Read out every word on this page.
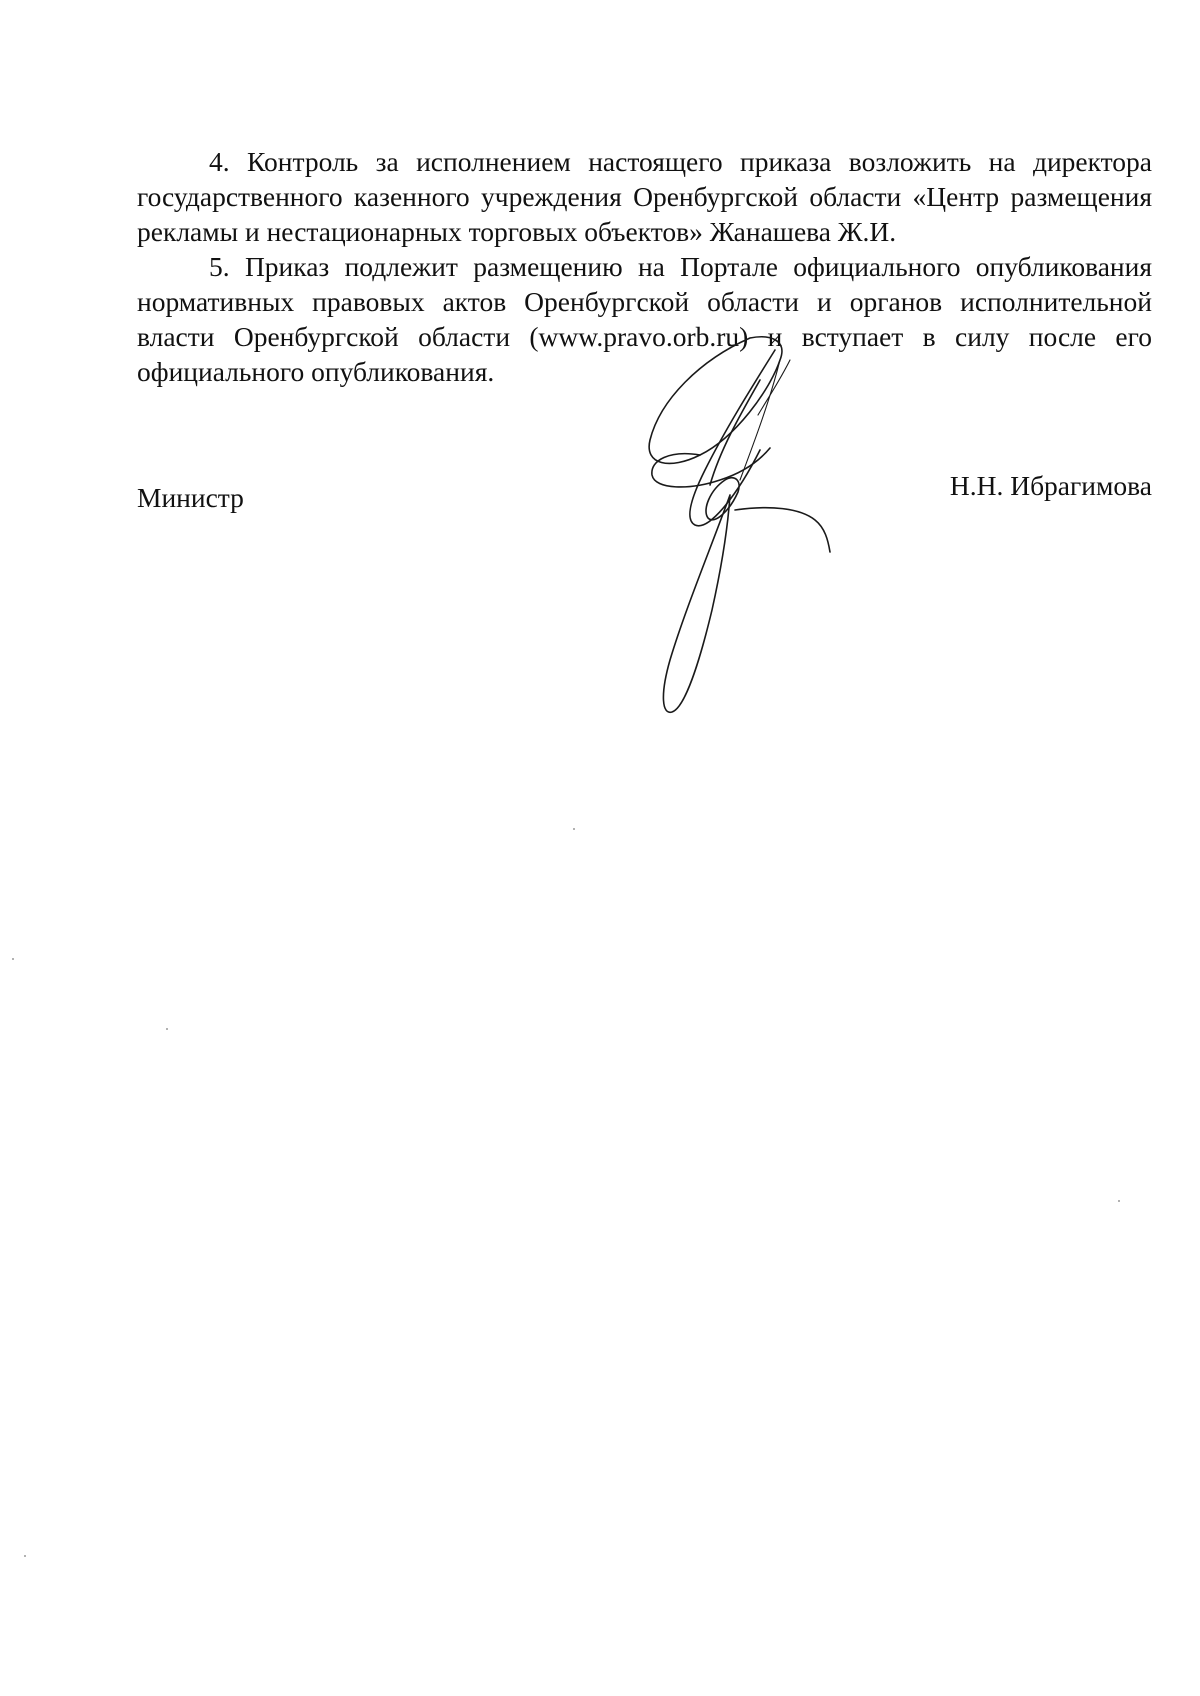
4. Контроль за исполнением настоящего приказа возложить на директора государственного казенного учреждения Оренбургской области «Центр размещения рекламы и нестационарных торговых объектов» Жанашева Ж.И.

5. Приказ подлежит размещению на Портале официального опубликования нормативных правовых актов Оренбургской области и органов исполнительной власти Оренбургской области (www.pravo.orb.ru) и вступает в силу после его официального опубликования.

Министр	Н.Н. Ибрагимова
